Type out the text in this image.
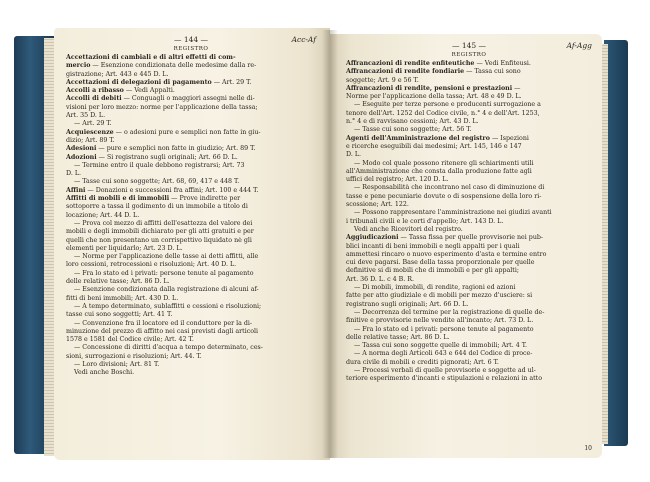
— 144 —	Acc-Af
REGISTRO
Accettazioni di cambiali e di altri effetti di com-
mercio — Esenzione condizionata delle medesime dalla re-
gistrazione; Art. 443 e 445 D. L.
Accettazioni di delegazioni di pagamento — Art. 29 T.
Accolli a ribasso — Vedi Appalti.
Accolli di debiti — Conguagli o maggiori assegni nelle di-
visioni per loro mezzo: norme per l'applicazione della tassa;
Art. 35 D. L.
— Art. 29 T.
Acquiescenze — o adesioni pure e semplici non fatte in giu-
dizio; Art. 89 T.
Adesioni — pure e semplici non fatte in giudizio; Art. 89 T.
Adozioni — Si registrano sugli originali; Art. 66 D. L.
— Termine entro il quale debbono registrarsi; Art. 73
D. L.
— Tasse cui sono soggette; Art. 68, 69, 417 e 448 T.
Affini — Donazioni e successioni fra affini; Art. 100 e 444 T.
Affitti di mobili e di immobili — Prove indirette per
sottoporre a tassa il godimento di un immobile a titolo di
locazione; Art. 44 D. L.
— Prova col mezzo di affitti dell'esattezza del valore dei
mobili e degli immobili dichiarato per gli atti gratuiti e per
quelli che non presentano un corrispettivo liquidato nè gli
elementi per liquidarlo; Art. 23 D. L.
— Norme per l'applicazione delle tasse ai detti affitti, alle
loro cessioni, retrocessioni e risoluzioni; Art. 40 D. L.
— Fra lo stato ed i privati: persone tenute al pagamento
delle relative tasse; Art. 86 D. L.
— Esenzione condizionata dalla registrazione di alcuni af-
fitti di beni immobili; Art. 430 D. L.
— A tempo determinato, sublaffitti e cessioni e risoluzioni;
tasse cui sono soggetti; Art. 41 T.
— Convenzione fra il locatore ed il conduttore per la di-
minuzione del prezzo di affitto nei casi previsti dagli articoli
1578 e 1581 del Codice civile; Art. 42 T.
— Concessione di diritti d'acqua a tempo determinato, ces-
sioni, surrogazioni e risoluzioni; Art. 44. T.
— Loro divisioni; Art. 81 T.
Vedi anche Boschi.
— 145 —	Af-Agg
REGISTRO
Affrancazioni di rendite enfiteutiche — Vedi Enfiteusi.
Affrancazioni di rendite fondiarie — Tassa cui sono
soggette; Art. 9 e 56 T.
Affrancazioni di rendite, pensioni e prestazioni —
Norme per l'applicazione della tassa; Art. 48 e 49 D. L.
— Eseguite per terze persone e producenti surrogazione a
tenore dell'Art. 1252 del Codice civile, n.° 4 e dell'Art. 1253,
n.° 4 e di ravvisano cessioni; Art. 43 D. L.
— Tasse cui sono soggette; Art. 56 T.
Agenti dell'Amministrazione del registro — Ispezioni
e ricerche eseguibili dai medesimi; Art. 145, 146 e 147
D. L.
— Modo col quale possono ritenere gli schiarimenti utili
all'Amministrazione che consta dalla produzione fatte agli
uffici del registro; Art. 120 D. L.
— Responsabilità che incontrano nel caso di diminuzione di
tasse e pene pecuniarie dovute o di sospensione della loro ri-
scossione; Art. 122.
— Possono rappresentare l'amministrazione nei giudizi avanti
i tribunali civili e le corti d'appello; Art. 143 D. L.
Vedi anche Ricevitori del registro.
Aggiudicazioni — Tassa fissa per quelle provvisorie nei pub-
blici incanti di beni immobili e negli appalti per i quali
ammettesi rincaro o nuovo esperimento d'asta e termine entro
cui deve pagarsi. Base della tassa proporzionale per quelle
definitive si di mobili che di immobili e per gli appalti;
Art. 36 D. L. c 4 B. R.
— Di mobili, immobili, di rendite, ragioni ed azioni
fatte per atto giudiziale e di mobili per mezzo d'usciere: si
registrano sugli originali; Art. 66 D. L.
— Decorrenza del termine per la registrazione di quelle de-
finitive e provvisorie nelle vendite all'incanto; Art. 73 D. L.
— Fra lo stato ed i privati: persone tenute al pagamento
delle relative tasse; Art. 86 D. L.
— Tassa cui sono soggette quelle di immobili; Art. 4 T.
— A norma degli Articoli 643 e 644 del Codice di proce-
dura civile di mobili e crediti pignorati; Art. 6 T.
— Processi verbali di quelle provvisorie e soggette ad ul-
teriore esperimento d'incanti e stipulazioni e relazioni in atto
10
